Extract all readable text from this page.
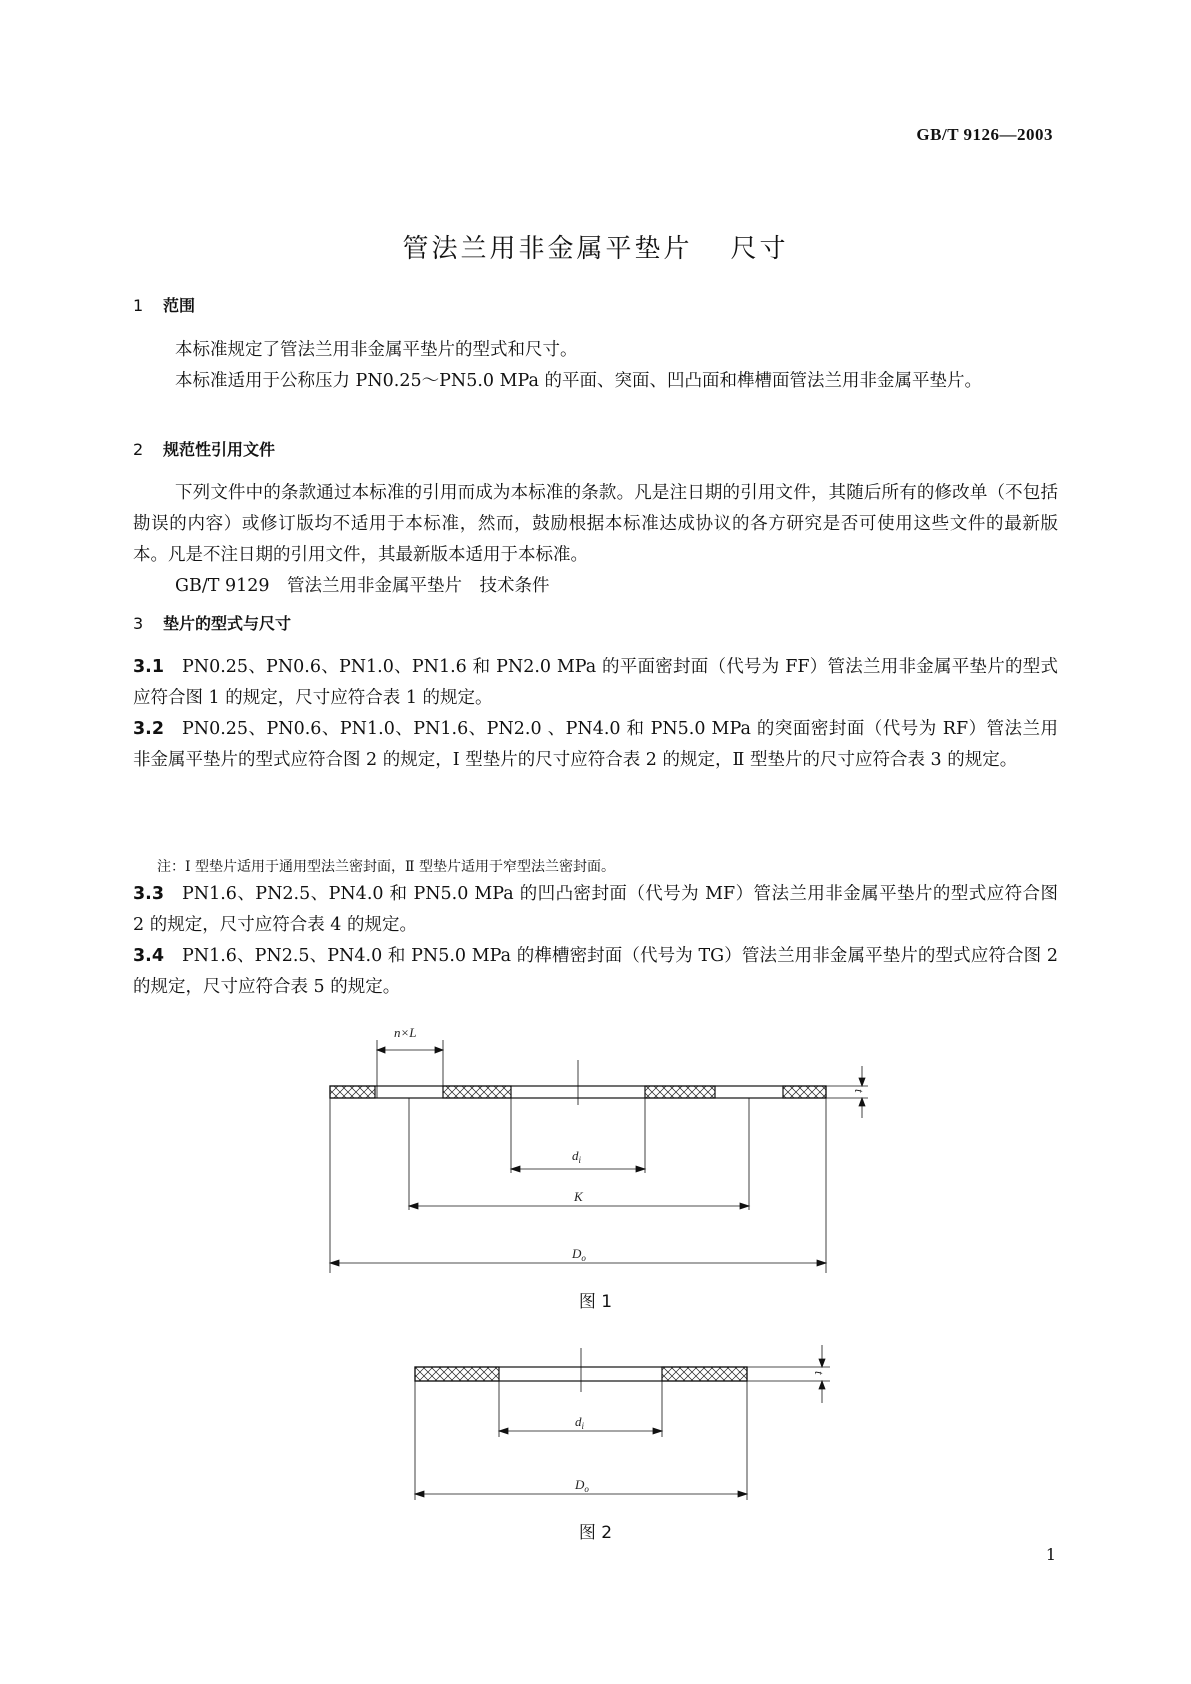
GB/T 9126—2003
管法兰用非金属平垫片 尺寸
1 范围
本标准规定了管法兰用非金属平垫片的型式和尺寸。
本标准适用于公称压力 PN0.25～PN5.0 MPa 的平面、突面、凹凸面和榫槽面管法兰用非金属平垫片。
2 规范性引用文件
下列文件中的条款通过本标准的引用而成为本标准的条款。凡是注日期的引用文件，其随后所有的修改单（不包括勘误的内容）或修订版均不适用于本标准，然而，鼓励根据本标准达成协议的各方研究是否可使用这些文件的最新版本。凡是不注日期的引用文件，其最新版本适用于本标准。
GB/T 9129　管法兰用非金属平垫片　技术条件
3 垫片的型式与尺寸
3.1 PN0.25、PN0.6、PN1.0、PN1.6 和 PN2.0 MPa 的平面密封面（代号为 FF）管法兰用非金属平垫片的型式应符合图 1 的规定，尺寸应符合表 1 的规定。
3.2 PN0.25、PN0.6、PN1.0、PN1.6、PN2.0 、PN4.0 和 PN5.0 MPa 的突面密封面（代号为 RF）管法兰用非金属平垫片的型式应符合图 2 的规定，Ⅰ 型垫片的尺寸应符合表 2 的规定，Ⅱ 型垫片的尺寸应符合表 3 的规定。
注：Ⅰ 型垫片适用于通用型法兰密封面，Ⅱ 型垫片适用于窄型法兰密封面。
3.3 PN1.6、PN2.5、PN4.0 和 PN5.0 MPa 的凹凸密封面（代号为 MF）管法兰用非金属平垫片的型式应符合图 2 的规定，尺寸应符合表 4 的规定。
3.4 PN1.6、PN2.5、PN4.0 和 PN5.0 MPa 的榫槽密封面（代号为 TG）管法兰用非金属平垫片的型式应符合图 2 的规定，尺寸应符合表 5 的规定。
n×L
$d_i$
K
$D_o$
t
图 1
$d_i$
$D_o$
t
图 2
1
